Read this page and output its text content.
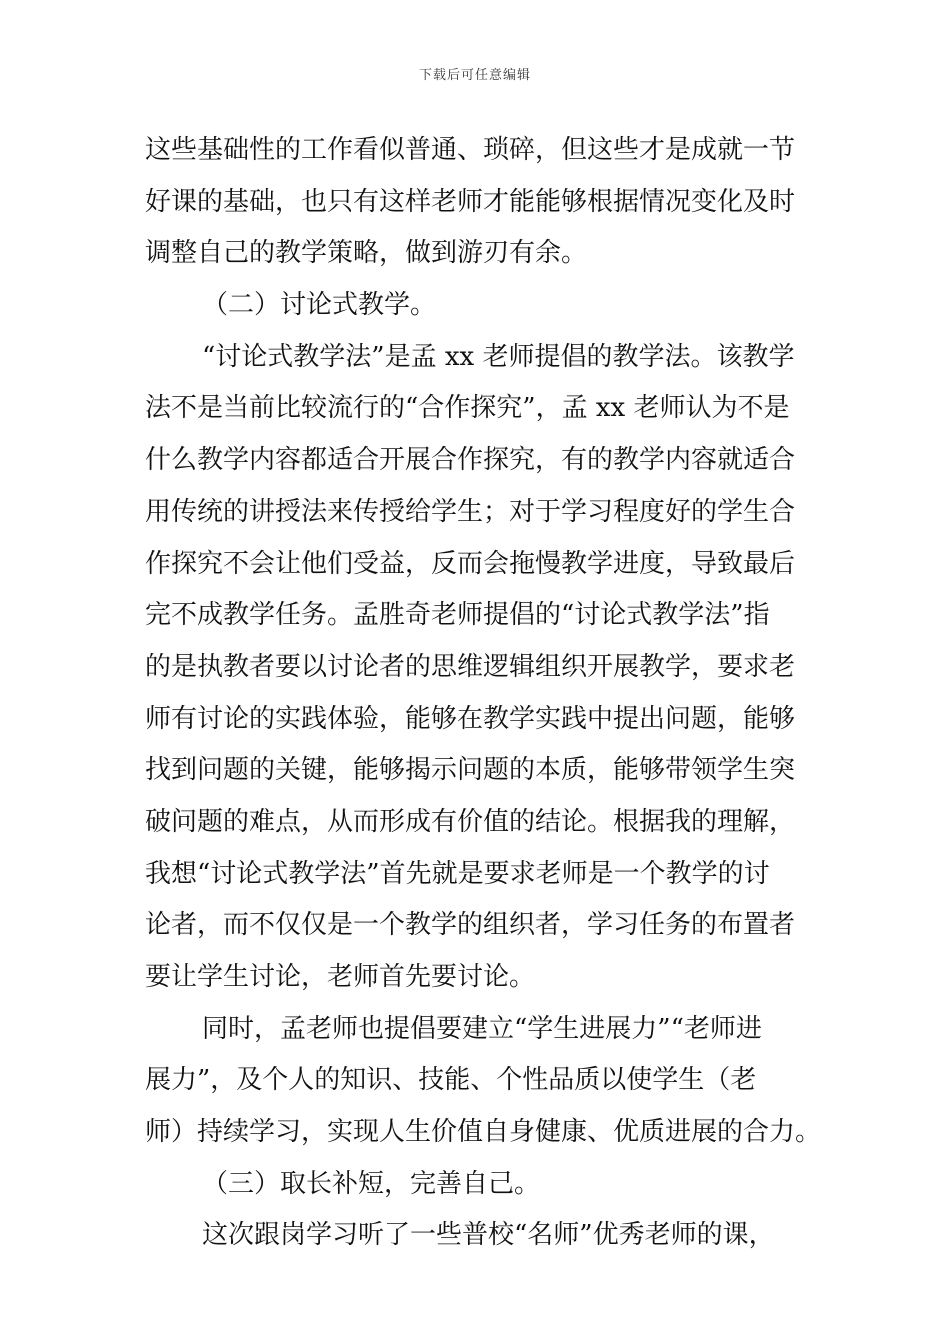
下载后可任意编辑
这些基础性的工作看似普通、琐碎，但这些才是成就一节
好课的基础，也只有这样老师才能能够根据情况变化及时
调整自己的教学策略，做到游刃有余。
（二）讨论式教学。
“讨论式教学法”是孟 xx 老师提倡的教学法。该教学
法不是当前比较流行的“合作探究”，孟 xx 老师认为不是
什么教学内容都适合开展合作探究，有的教学内容就适合
用传统的讲授法来传授给学生；对于学习程度好的学生合
作探究不会让他们受益，反而会拖慢教学进度，导致最后
完不成教学任务。孟胜奇老师提倡的“讨论式教学法”指
的是执教者要以讨论者的思维逻辑组织开展教学，要求老
师有讨论的实践体验，能够在教学实践中提出问题，能够
找到问题的关键，能够揭示问题的本质，能够带领学生突
破问题的难点，从而形成有价值的结论。根据我的理解，
我想“讨论式教学法”首先就是要求老师是一个教学的讨
论者，而不仅仅是一个教学的组织者，学习任务的布置者
要让学生讨论，老师首先要讨论。
同时，孟老师也提倡要建立“学生进展力”“老师进
展力”，及个人的知识、技能、个性品质以使学生（老
师）持续学习，实现人生价值自身健康、优质进展的合力。
（三）取长补短，完善自己。
这次跟岗学习听了一些普校“名师”优秀老师的课，
